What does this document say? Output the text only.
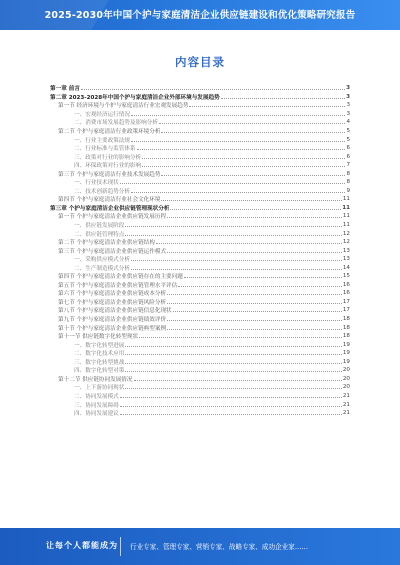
2025-2030年中国个护与家庭清洁企业供应链建设和优化策略研究报告
内容目录
第一章 前言	3
第二章 2023-2028年中国个护与家庭清洁企业外部环境与发展趋势	3
第一节 经济环境与个护与家庭清洁行业宏观发展趋势	3
一、宏观经济运行情况	3
二、消费市场发展趋势及影响分析	4
第二节 个护与家庭清洁行业政策环境分析	5
一、行业主要政策法规	5
二、行业标准与监管体系	6
三、政策对行业的影响分析	6
四、环保政策对行业的影响	7
第三节 个护与家庭清洁行业技术发展趋势	8
一、行业技术现状	8
二、技术创新趋势分析	9
第四节 个护与家庭清洁行业社会文化环境	11
第三章 个护与家庭清洁企业供应链管理现状分析	11
第一节 个护与家庭清洁企业供应链发展历程	11
一、供应链发展阶段	11
二、供应链管理特点	12
第二节 个护与家庭清洁企业供应链结构	12
第三节 个护与家庭清洁企业供应链运作模式	13
一、采购供应模式分析	13
二、生产制造模式分析	14
第四节 个护与家庭清洁企业供应链存在的主要问题	15
第五节 个护与家庭清洁企业供应链管理水平评估	16
第六节 个护与家庭清洁企业供应链成本分析	16
第七节 个护与家庭清洁企业供应链风险分析	17
第八节 个护与家庭清洁企业供应链信息化现状	17
第九节 个护与家庭清洁企业供应链绩效评价	18
第十节 个护与家庭清洁企业供应链典型案例	18
第十一节 供应链数字化转型现状	18
一、数字化转型进展	19
二、数字化技术应用	19
三、数字化转型挑战	19
四、数字化转型对策	20
第十二节 供应链协同发展情况	20
一、上下游协同现状	20
二、协同发展模式	21
三、协同发展障碍	21
四、协同发展建议	21
让每个人都能成为 行业专家、管理专家、营销专家、战略专家、成功企业家……
